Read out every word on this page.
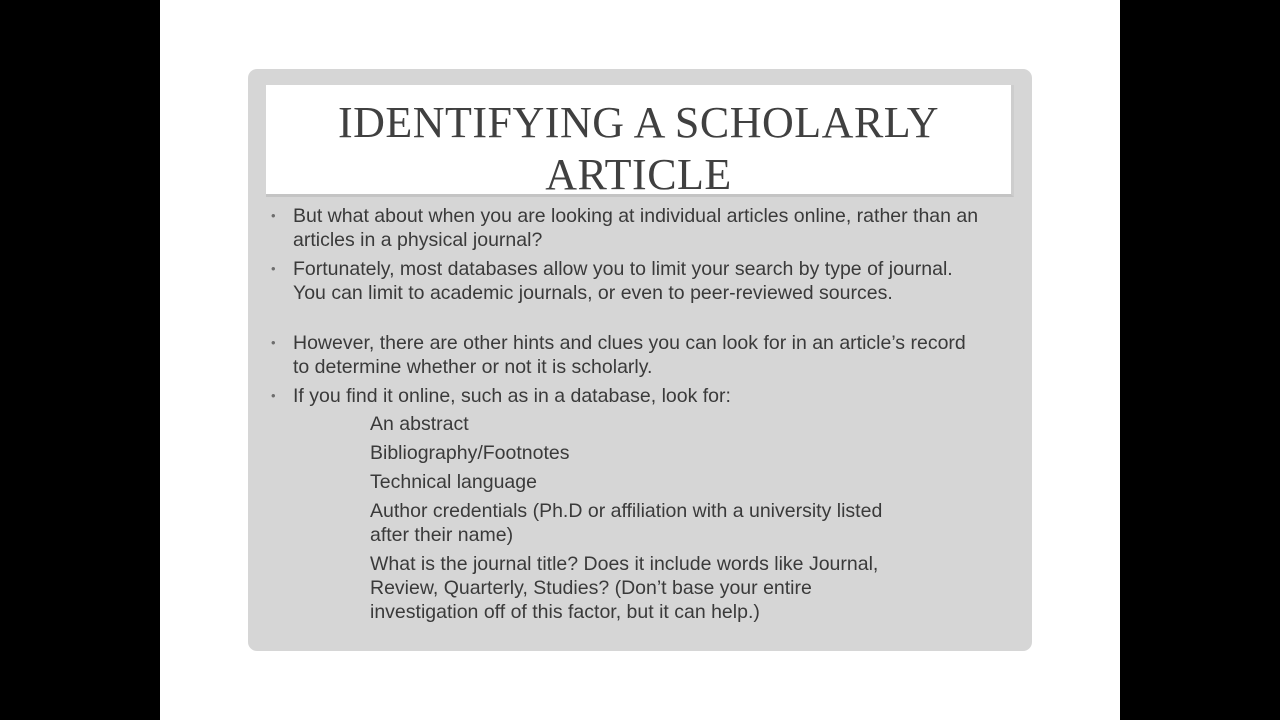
IDENTIFYING A SCHOLARLY ARTICLE
• But what about when you are looking at individual articles online, rather than an articles in a physical journal?
• Fortunately, most databases allow you to limit your search by type of journal. You can limit to academic journals, or even to peer-reviewed sources.
• However, there are other hints and clues you can look for in an article’s record to determine whether or not it is scholarly.
• If you find it online, such as in a database, look for:
An abstract
Bibliography/Footnotes
Technical language
Author credentials (Ph.D or affiliation with a university listed after their name)
What is the journal title? Does it include words like Journal, Review, Quarterly, Studies? (Don’t base your entire investigation off of this factor, but it can help.)
